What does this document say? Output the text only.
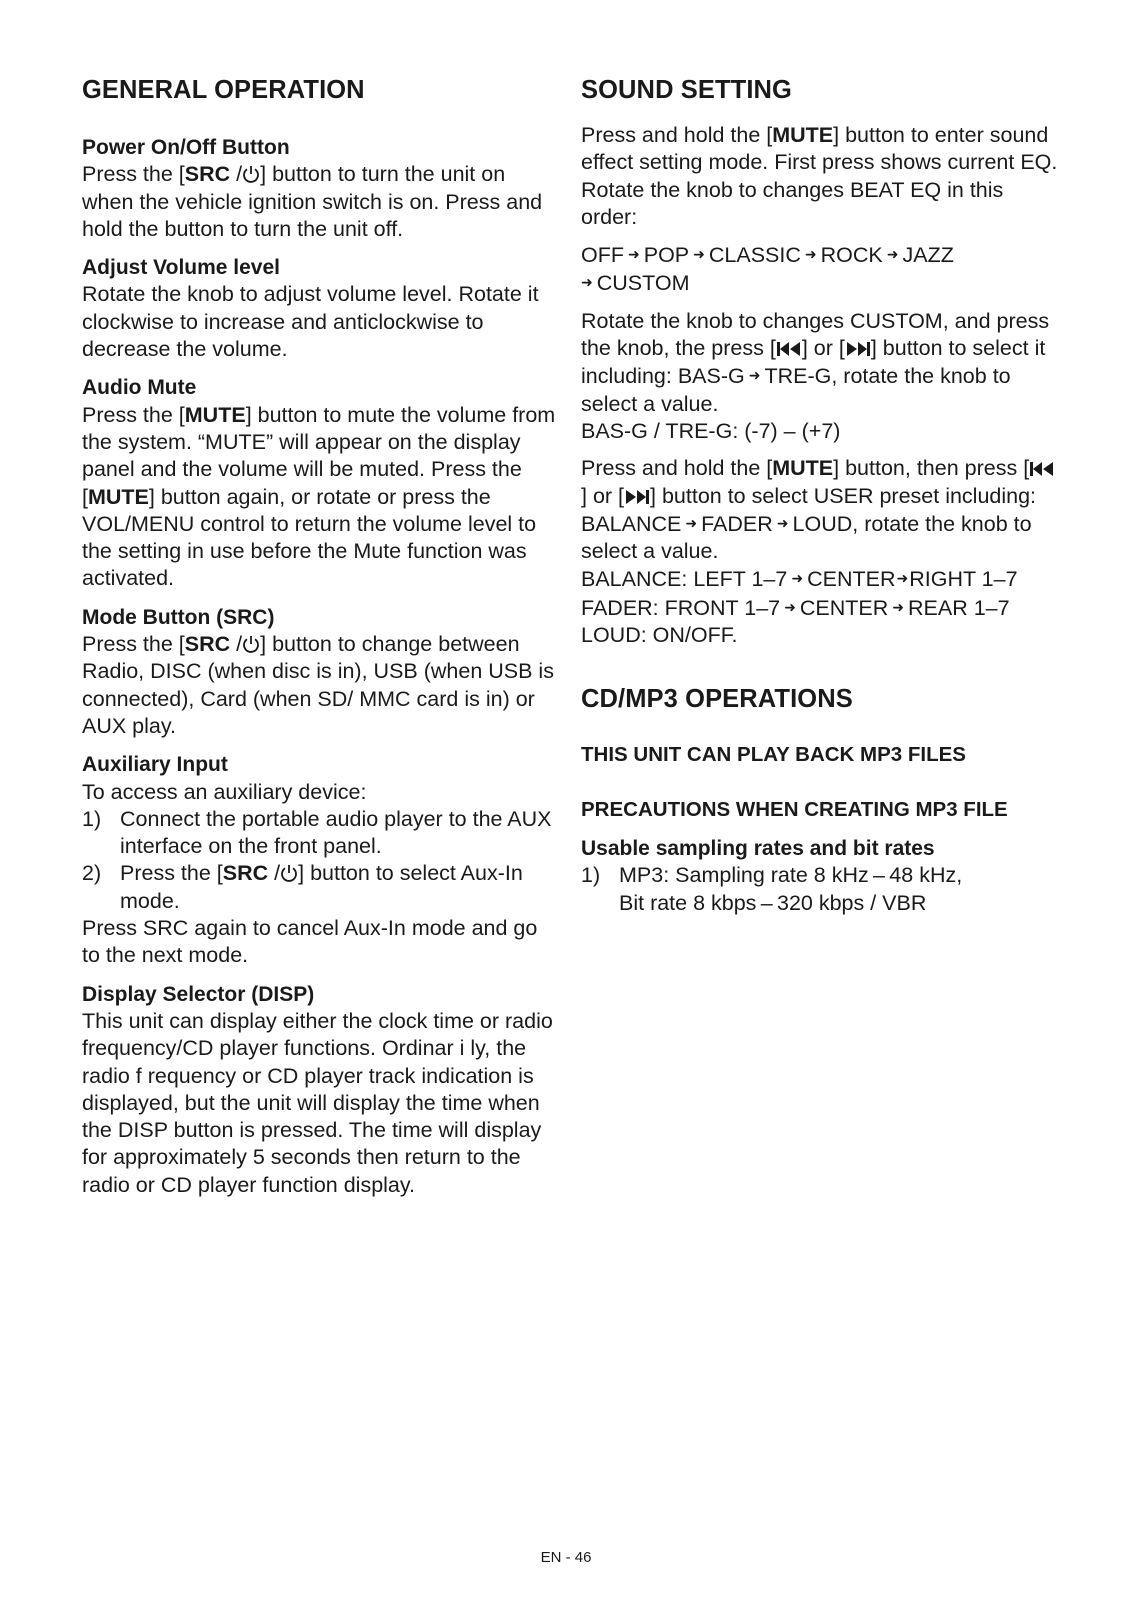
GENERAL OPERATION
Power On/Off Button

Press the [SRC / ] button to turn the unit on when the vehicle ignition switch is on. Press and hold the button to turn the unit off.

Adjust Volume level

Rotate the knob to adjust volume level. Rotate it clockwise to increase and anticlockwise to decrease the volume.

Audio Mute

Press the [MUTE] button to mute the volume from the system. “MUTE” will appear on the display panel and the volume will be muted. Press the [MUTE] button again, or rotate or press the VOL/MENU control to return the volume level to the setting in use before the Mute function was activated.

Mode Button (SRC)

Press the [SRC / ] button to change between Radio, DISC (when disc is in), USB (when USB is connected), Card (when SD/ MMC card is in) or AUX play.

Auxiliary Input

To access an auxiliary device:

1) Connect the portable audio player to the AUX interface on the front panel.
2) Press the [SRC / ] button to select Aux-In mode.

Press SRC again to cancel Aux-In mode and go to the next mode.

Display Selector (DISP)

This unit can display either the clock time or radio frequency/CD player functions. Ordinar i ly, the radio f requency or CD player track indication is displayed, but the unit will display the time when the DISP button is pressed. The time will display for approximately 5 seconds then return to the radio or CD player function display.

SOUND SETTING

Press and hold the [MUTE] button to enter sound effect setting mode. First press shows current EQ. Rotate the knob to changes BEAT EQ in this order:

OFF ➜ POP ➜ CLASSIC ➜ ROCK ➜ JAZZ
➜ CUSTOM

Rotate the knob to changes CUSTOM, and press the knob, the press [ ] or [ ] button to select it including: BAS-G ➜ TRE-G, rotate the knob to select a value.

BAS-G / TRE-G: (-7) – (+7)

Press and hold the [MUTE] button, then press [] or [ ] button to select USER preset including:

BALANCE ➜ FADER ➜ LOUD, rotate the knob to select a value.

BALANCE: LEFT 1–7 ➜ CENTER➜RIGHT 1–7

FADER: FRONT 1–7 ➜ CENTER ➜ REAR 1–7

LOUD: ON/OFF.

CD/MP3 OPERATIONS
THIS UNIT CAN PLAY BACK MP3 FILES
PRECAUTIONS WHEN CREATING MP3 FILE
Usable sampling rates and bit rates
1) MP3: Sampling rate 8 kHz – 48 kHz,
Bit rate 8 kbps – 320 kbps / VBR
EN - 46
